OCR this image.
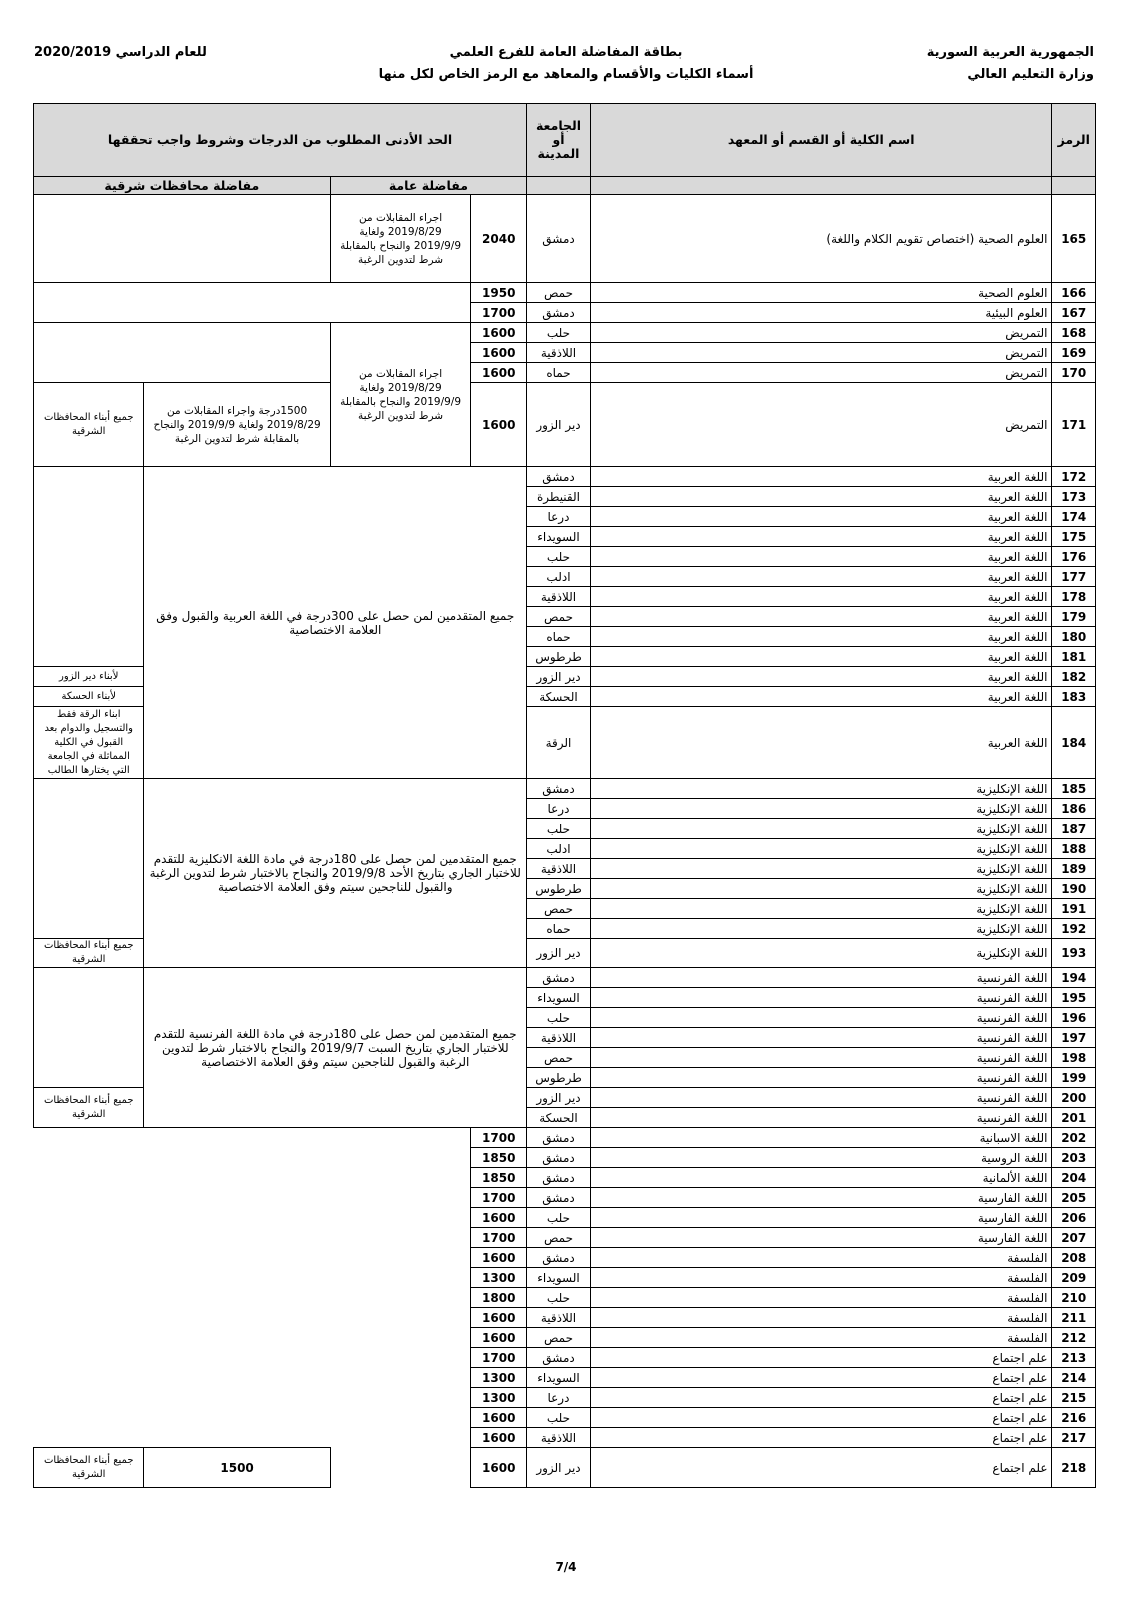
الجمهورية العربية السورية
وزارة التعليم العالي
بطاقة المفاضلة العامة للفرع العلمي
أسماء الكليات والأقسام والمعاهد مع الرمز الخاص لكل منها
للعام الدراسي 2020/2019
الرمز	اسم الكلية أو القسم أو المعهد	الجامعة أو المدينة	الحد الأدنى المطلوب من الدرجات وشروط واجب تحققها			
			مفاضلة عامة		مفاضلة محافظات شرقية	
165	العلوم الصحية (اختصاص تقويم الكلام واللغة)	دمشق	2040	اجراء المقابلات من 2019/8/29 ولغاية 2019/9/9 والنجاح بالمقابلة شرط لتدوين الرغبة		
166	العلوم الصحية	حمص	1950			
167	العلوم البيئية	دمشق	1700			
168	التمريض	حلب	1600	اجراء المقابلات من 2019/8/29 ولغاية 2019/9/9 والنجاح بالمقابلة شرط لتدوين الرغبة		
169	التمريض	اللاذقية	1600			
170	التمريض	حماه	1600			
171	التمريض	دير الزور	1600		1500درجة واجراء المقابلات من 2019/8/29 ولغاية 2019/9/9 والنجاح بالمقابلة شرط لتدوين الرغبة	جميع أبناء المحافظات الشرقية
172	اللغة العربية	دمشق	جميع المتقدمين لمن حصل على 300درجة في اللغة العربية والقبول وفق العلامة الاختصاصية			
173	اللغة العربية	القنيطرة				
174	اللغة العربية	درعا				
175	اللغة العربية	السويداء				
176	اللغة العربية	حلب				
177	اللغة العربية	ادلب				
178	اللغة العربية	اللاذقية				
179	اللغة العربية	حمص				
180	اللغة العربية	حماه				
181	اللغة العربية	طرطوس				
182	اللغة العربية	دير الزور				لأبناء دير الزور
183	اللغة العربية	الحسكة				لأبناء الحسكة
184	اللغة العربية	الرقة				ابناء الرقة فقط والتسجيل والدوام بعد القبول في الكلية المماثلة في الجامعة التي يختارها الطالب
185	اللغة الإنكليزية	دمشق	جميع المتقدمين لمن حصل على 180درجة في مادة اللغة الانكليزية للتقدم للاختبار الجاري بتاريخ الأحد 2019/9/8 والنجاح بالاختبار شرط لتدوين الرغبة والقبول للناجحين سيتم وفق العلامة الاختصاصية			
186	اللغة الإنكليزية	درعا				
187	اللغة الإنكليزية	حلب				
188	اللغة الإنكليزية	ادلب				
189	اللغة الإنكليزية	اللاذقية				
190	اللغة الإنكليزية	طرطوس				
191	اللغة الإنكليزية	حمص				
192	اللغة الإنكليزية	حماه				
193	اللغة الإنكليزية	دير الزور				جميع أبناء المحافظات الشرقية
194	اللغة الفرنسية	دمشق	جميع المتقدمين لمن حصل على 180درجة في مادة اللغة الفرنسية للتقدم للاختبار الجاري بتاريخ السبت 2019/9/7 والنجاح بالاختبار شرط لتدوين الرغبة والقبول للناجحين سيتم وفق العلامة الاختصاصية			
195	اللغة الفرنسية	السويداء				
196	اللغة الفرنسية	حلب				
197	اللغة الفرنسية	اللاذقية				
198	اللغة الفرنسية	حمص				
199	اللغة الفرنسية	طرطوس				
200	اللغة الفرنسية	دير الزور				جميع أبناء المحافظات الشرقية
201	اللغة الفرنسية	الحسكة				
202	اللغة الاسبانية	دمشق	1700			
203	اللغة الروسية	دمشق	1850			
204	اللغة الألمانية	دمشق	1850			
205	اللغة الفارسية	دمشق	1700			
206	اللغة الفارسية	حلب	1600			
207	اللغة الفارسية	حمص	1700			
208	الفلسفة	دمشق	1600			
209	الفلسفة	السويداء	1300			
210	الفلسفة	حلب	1800			
211	الفلسفة	اللاذقية	1600			
212	الفلسفة	حمص	1600			
213	علم اجتماع	دمشق	1700			
214	علم اجتماع	السويداء	1300			
215	علم اجتماع	درعا	1300			
216	علم اجتماع	حلب	1600			
217	علم اجتماع	اللاذقية	1600			
218	علم اجتماع	دير الزور	1600		1500	جميع أبناء المحافظات الشرقية
7/4
